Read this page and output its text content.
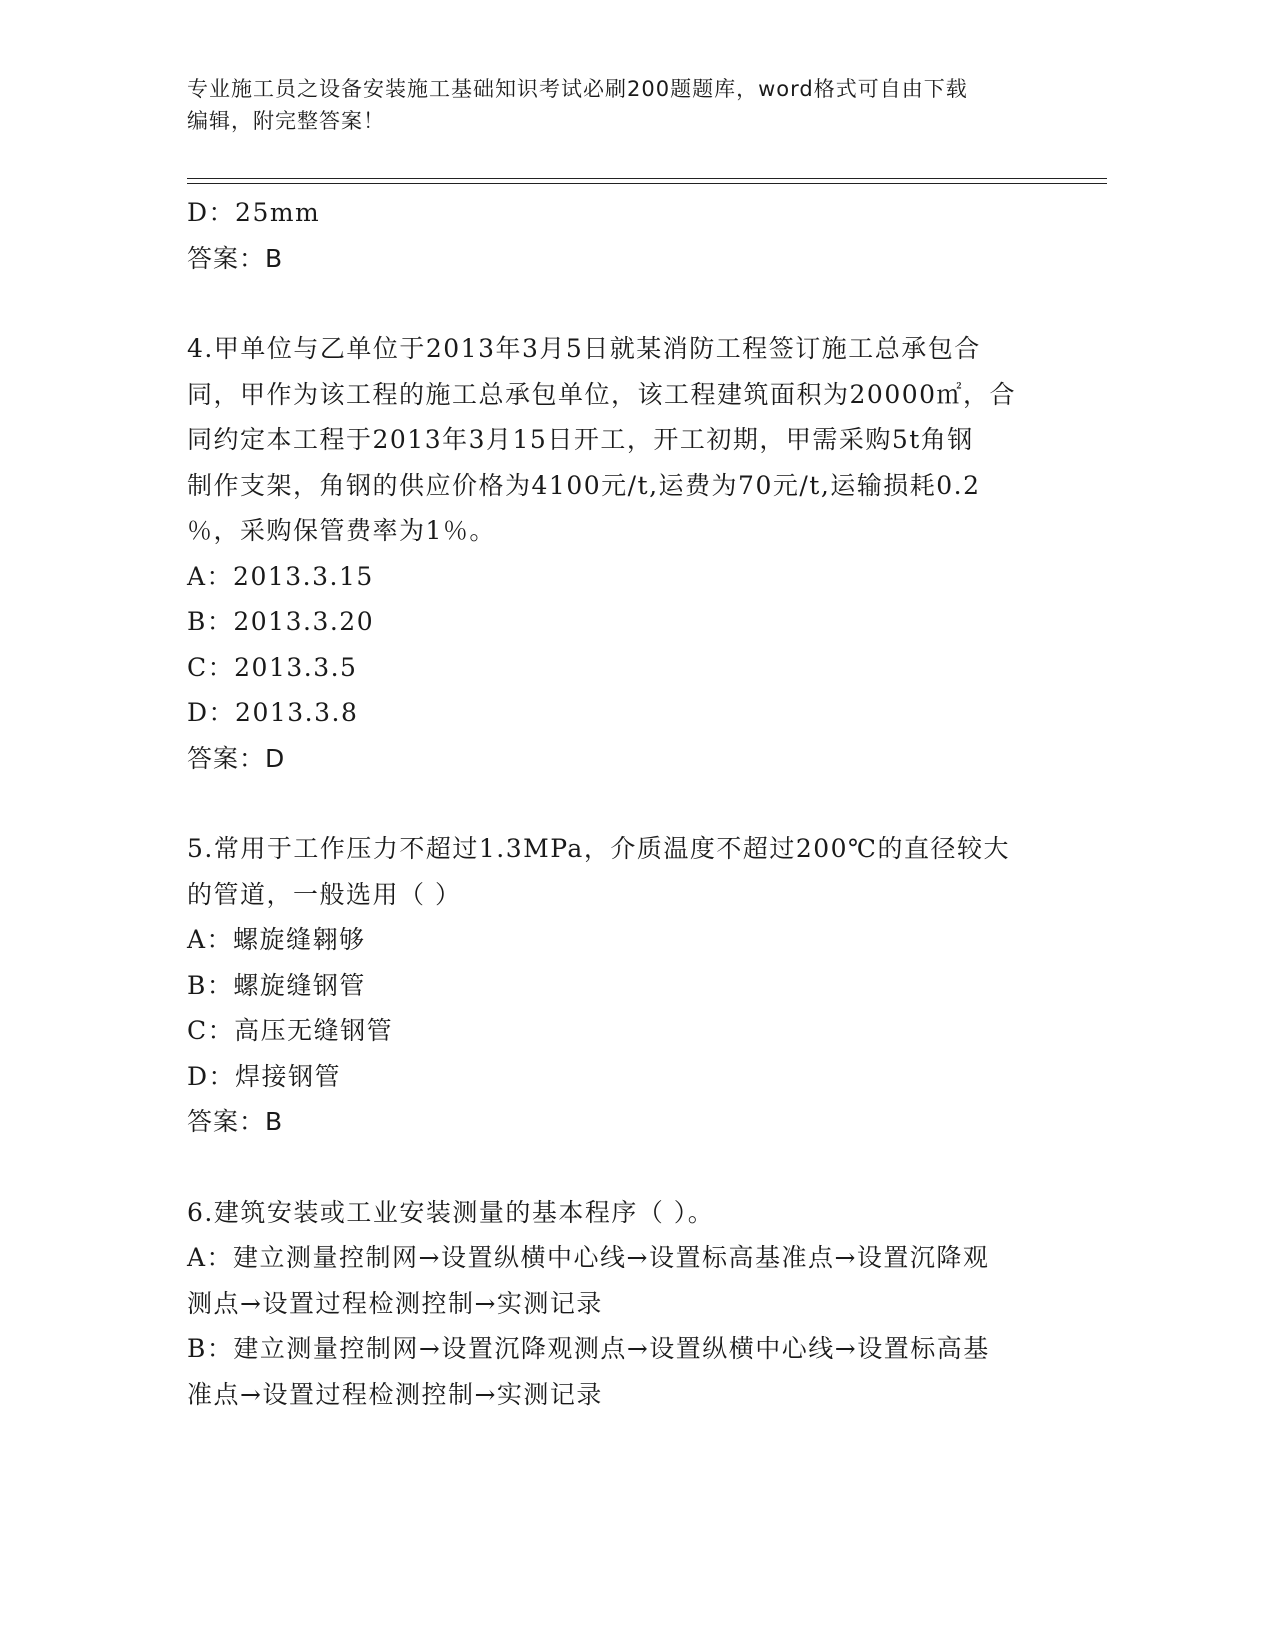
专业施工员之设备安装施工基础知识考试必刷200题题库，word格式可自由下载
编辑，附完整答案！
D：25mm
答案：B
4.甲单位与乙单位于2013年3月5日就某消防工程签订施工总承包合
同，甲作为该工程的施工总承包单位，该工程建筑面积为20000㎡，合
同约定本工程于2013年3月15日开工，开工初期，甲需采购5t角钢
制作支架，角钢的供应价格为4100元/t,运费为70元/t,运输损耗0.2
％，采购保管费率为1％。
A：2013.3.15
B：2013.3.20
C：2013.3.5
D：2013.3.8
答案：D
5.常用于工作压力不超过1.3MPa，介质温度不超过200℃的直径较大
的管道，一般选用（ ）
A：螺旋缝翱够
B：螺旋缝钢管
C：高压无缝钢管
D：焊接钢管
答案：B
6.建筑安装或工业安装测量的基本程序（ ）。
A：建立测量控制网→设置纵横中心线→设置标高基准点→设置沉降观
测点→设置过程检测控制→实测记录
B：建立测量控制网→设置沉降观测点→设置纵横中心线→设置标高基
准点→设置过程检测控制→实测记录
